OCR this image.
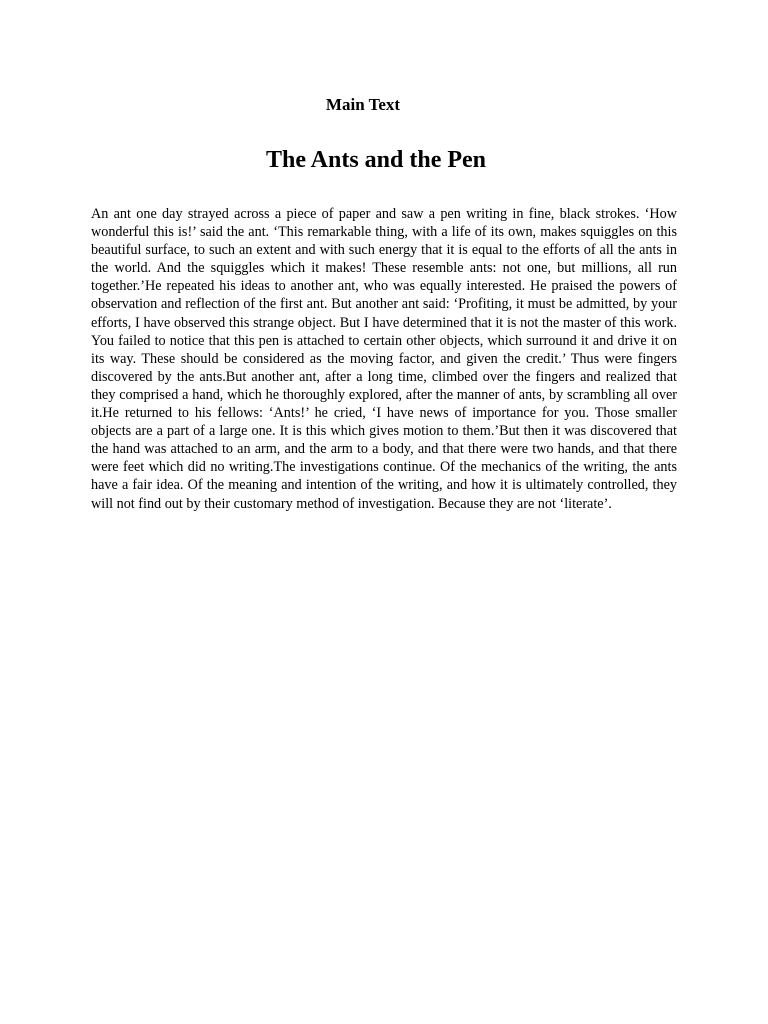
Main Text
The Ants and the Pen

An ant one day strayed across a piece of paper and saw a pen writing in fine, black strokes. ‘How wonderful this is!’ said the ant. ‘This remarkable thing, with a life of its own, makes squiggles on this beautiful surface, to such an extent and with such energy that it is equal to the efforts of all the ants in the world. And the squiggles which it makes! These resemble ants: not one, but millions, all run together.’He repeated his ideas to another ant, who was equally interested. He praised the powers of observation and reflection of the first ant. But another ant said: ‘Profiting, it must be admitted, by your efforts, I have observed this strange object. But I have determined that it is not the master of this work. You failed to notice that this pen is attached to certain other objects, which surround it and drive it on its way. These should be considered as the moving factor, and given the credit.’ Thus were fingers discovered by the ants.But another ant, after a long time, climbed over the fingers and realized that they comprised a hand, which he thoroughly explored, after the manner of ants, by scrambling all over it.He returned to his fellows: ‘Ants!’ he cried, ‘I have news of importance for you. Those smaller objects are a part of a large one. It is this which gives motion to them.’But then it was discovered that the hand was attached to an arm, and the arm to a body, and that there were two hands, and that there were feet which did no writing.The investigations continue. Of the mechanics of the writing, the ants have a fair idea. Of the meaning and intention of the writing, and how it is ultimately controlled, they will not find out by their customary method of investigation. Because they are not ‘literate’.
